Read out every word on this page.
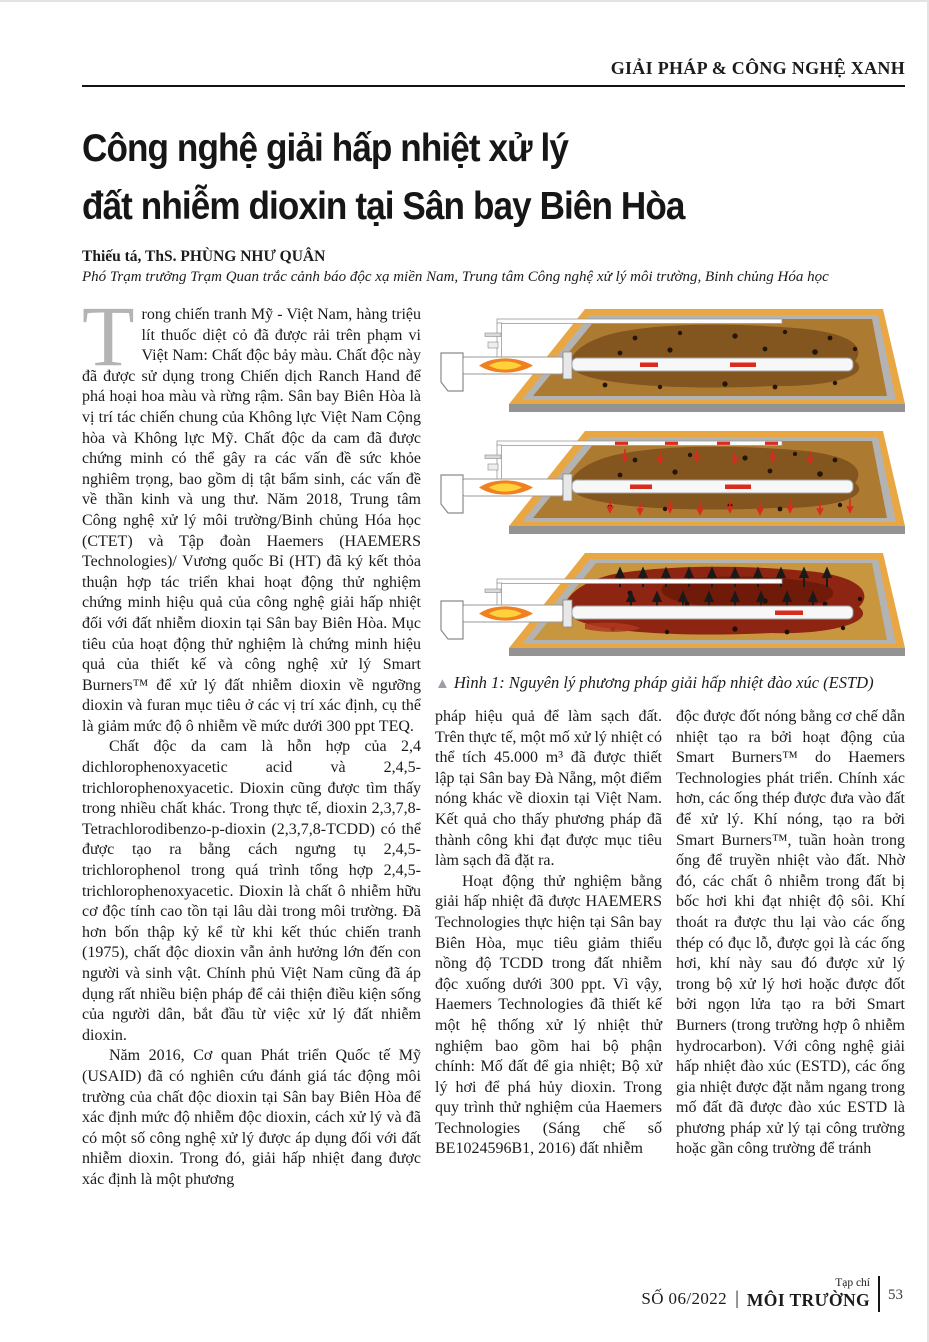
GIẢI PHÁP & CÔNG NGHỆ XANH
Công nghệ giải hấp nhiệt xử lý
đất nhiễm dioxin tại Sân bay Biên Hòa
Thiếu tá, ThS. PHÙNG NHƯ QUÂN
Phó Trạm trưởng Trạm Quan trắc cảnh báo độc xạ miền Nam, Trung tâm Công nghệ xử lý môi trường, Binh chủng Hóa học

Trong chiến tranh Mỹ - Việt Nam, hàng triệu lít thuốc diệt cỏ đã được rải trên phạm vi Việt Nam: Chất độc bảy màu. Chất độc này đã được sử dụng trong Chiến dịch Ranch Hand để phá hoại hoa màu và rừng rậm. Sân bay Biên Hòa là vị trí tác chiến chung của Không lực Việt Nam Cộng hòa và Không lực Mỹ. Chất độc da cam đã được chứng minh có thể gây ra các vấn đề sức khỏe nghiêm trọng, bao gồm dị tật bẩm sinh, các vấn đề về thần kinh và ung thư. Năm 2018, Trung tâm Công nghệ xử lý môi trường/Binh chủng Hóa học (CTET) và Tập đoàn Haemers (HAEMERS Technologies)/ Vương quốc Bỉ (HT) đã ký kết thỏa thuận hợp tác triển khai hoạt động thử nghiệm chứng minh hiệu quả của công nghệ giải hấp nhiệt đối với đất nhiễm dioxin tại Sân bay Biên Hòa. Mục tiêu của hoạt động thử nghiệm là chứng minh hiệu quả của thiết kế và công nghệ xử lý Smart Burners™ để xử lý đất nhiễm dioxin về ngưỡng dioxin và furan mục tiêu ở các vị trí xác định, cụ thể là giảm mức độ ô nhiễm về mức dưới 300 ppt TEQ.

Chất độc da cam là hỗn hợp của 2,4 dichlorophenoxyacetic acid và 2,4,5-trichlorophenoxyacetic. Dioxin cũng được tìm thấy trong nhiều chất khác. Trong thực tế, dioxin 2,3,7,8-Tetrachlorodibenzo-p-dioxin (2,3,7,8-TCDD) có thể được tạo ra bằng cách ngưng tụ 2,4,5-trichlorophenol trong quá trình tổng hợp 2,4,5-trichlorophenoxyacetic. Dioxin là chất ô nhiễm hữu cơ độc tính cao tồn tại lâu dài trong môi trường. Đã hơn bốn thập kỷ kể từ khi kết thúc chiến tranh (1975), chất độc dioxin vẫn ảnh hưởng lớn đến con người và sinh vật. Chính phủ Việt Nam cũng đã áp dụng rất nhiều biện pháp để cải thiện điều kiện sống của người dân, bắt đầu từ việc xử lý đất nhiễm dioxin.

Năm 2016, Cơ quan Phát triển Quốc tế Mỹ (USAID) đã có nghiên cứu đánh giá tác động môi trường của chất độc dioxin tại Sân bay Biên Hòa để xác định mức độ nhiễm độc dioxin, cách xử lý và đã có một số công nghệ xử lý được áp dụng đối với đất nhiễm dioxin. Trong đó, giải hấp nhiệt đang được xác định là một phương

▲ Hình 1: Nguyên lý phương pháp giải hấp nhiệt đào xúc (ESTD)

pháp hiệu quả để làm sạch đất. Trên thực tế, một mố xử lý nhiệt có thể tích 45.000 m³ đã được thiết lập tại Sân bay Đà Nẵng, một điểm nóng khác về dioxin tại Việt Nam. Kết quả cho thấy phương pháp đã thành công khi đạt được mục tiêu làm sạch đã đặt ra.

Hoạt động thử nghiệm bằng giải hấp nhiệt đã được HAEMERS Technologies thực hiện tại Sân bay Biên Hòa, mục tiêu giảm thiểu nồng độ TCDD trong đất nhiễm độc xuống dưới 300 ppt. Vì vậy, Haemers Technologies đã thiết kế một hệ thống xử lý nhiệt thử nghiệm bao gồm hai bộ phận chính: Mố đất để gia nhiệt; Bộ xử lý hơi để phá hủy dioxin. Trong quy trình thử nghiệm của Haemers Technologies (Sáng chế số BE1024596B1, 2016) đất nhiễm

độc được đốt nóng bằng cơ chế dẫn nhiệt tạo ra bởi hoạt động của Smart Burners™ do Haemers Technologies phát triển. Chính xác hơn, các ống thép được đưa vào đất để xử lý. Khí nóng, tạo ra bởi Smart Burners™, tuần hoàn trong ống để truyền nhiệt vào đất. Nhờ đó, các chất ô nhiễm trong đất bị bốc hơi khi đạt nhiệt độ sôi. Khí thoát ra được thu lại vào các ống thép có đục lỗ, được gọi là các ống hơi, khí này sau đó được xử lý trong bộ xử lý hơi hoặc được đốt bởi ngọn lửa tạo ra bởi Smart Burners (trong trường hợp ô nhiễm hydrocarbon). Với công nghệ giải hấp nhiệt đào xúc (ESTD), các ống gia nhiệt được đặt nằm ngang trong mố đất đã được đào xúc ESTD là phương pháp xử lý tại công trường hoặc gần công trường để tránh

SỐ 06/2022 |
Tạp chí
MÔI TRƯỜNG 53
